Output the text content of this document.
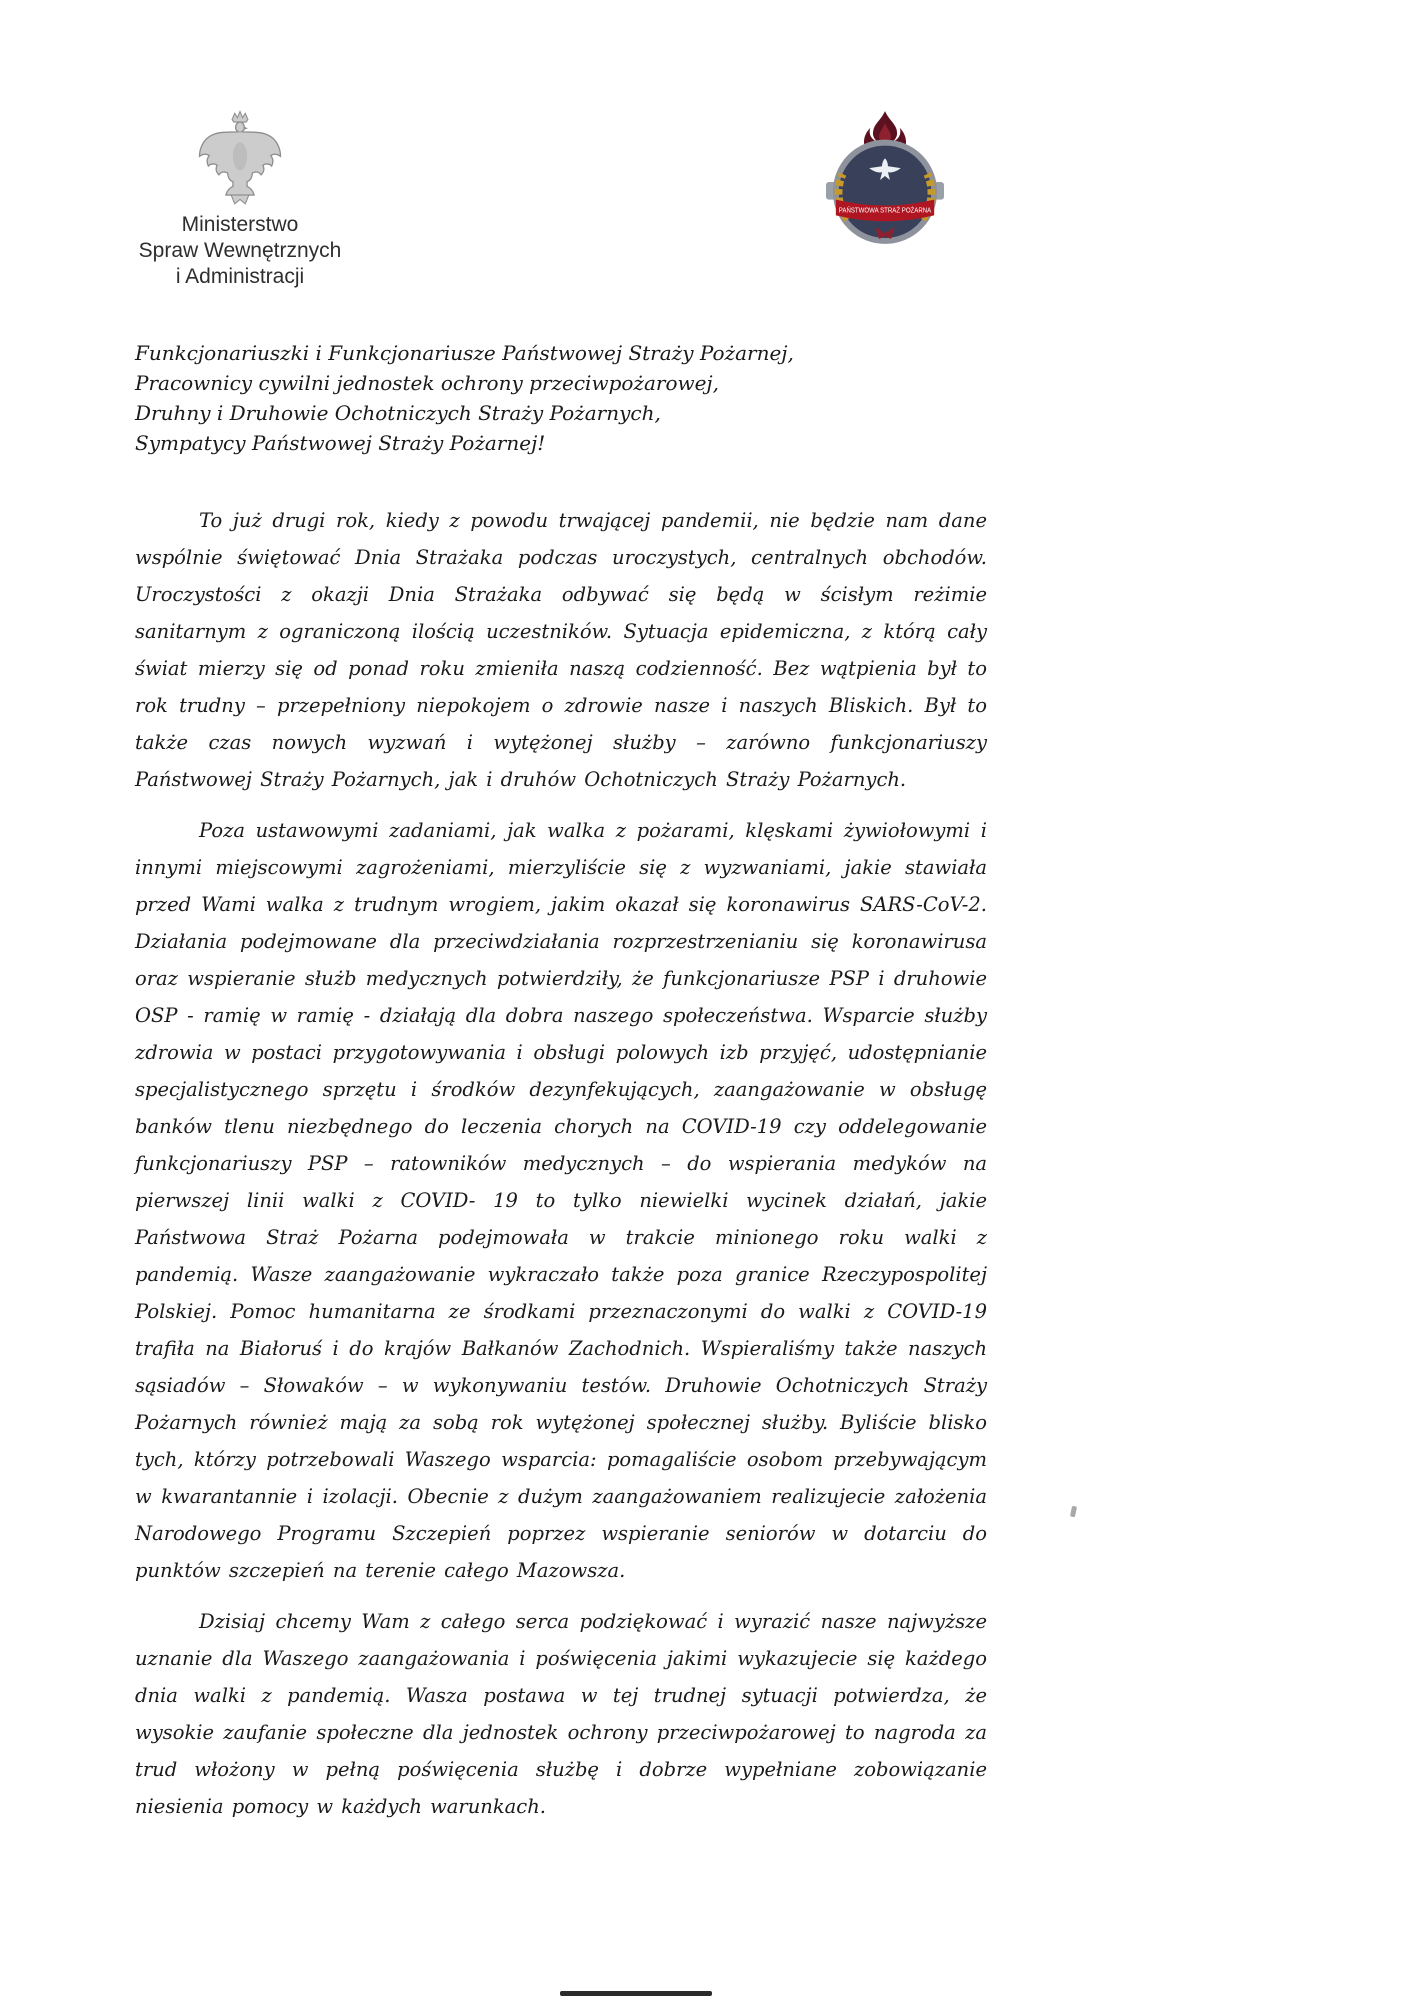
Ministerstwo
Spraw Wewnętrznych
i Administracji
PAŃSTWOWA STRAŻ POŻARNA
Funkcjonariuszki i Funkcjonariusze Państwowej Straży Pożarnej,
Pracownicy cywilni jednostek ochrony przeciwpożarowej,
Druhny i Druhowie Ochotniczych Straży Pożarnych,
Sympatycy Państwowej Straży Pożarnej!

To już drugi rok, kiedy z powodu trwającej pandemii, nie będzie nam dane wspólnie świętować Dnia Strażaka podczas uroczystych, centralnych obchodów. Uroczystości z okazji Dnia Strażaka odbywać się będą w ścisłym reżimie sanitarnym z ograniczoną ilością uczestników. Sytuacja epidemiczna, z którą cały świat mierzy się od ponad roku zmieniła naszą codzienność. Bez wątpienia był to rok trudny – przepełniony niepokojem o zdrowie nasze i naszych Bliskich. Był to także czas nowych wyzwań i wytężonej służby – zarówno funkcjonariuszy Państwowej Straży Pożarnych, jak i druhów Ochotniczych Straży Pożarnych.

Poza ustawowymi zadaniami, jak walka z pożarami, klęskami żywiołowymi i innymi miejscowymi zagrożeniami, mierzyliście się z wyzwaniami, jakie stawiała przed Wami walka z trudnym wrogiem, jakim okazał się koronawirus SARS-CoV-2. Działania podejmowane dla przeciwdziałania rozprzestrzenianiu się koronawirusa oraz wspieranie służb medycznych potwierdziły, że funkcjonariusze PSP i druhowie OSP - ramię w ramię - działają dla dobra naszego społeczeństwa. Wsparcie służby zdrowia w postaci przygotowywania i obsługi polowych izb przyjęć, udostępnianie specjalistycznego sprzętu i środków dezynfekujących, zaangażowanie w obsługę banków tlenu niezbędnego do leczenia chorych na COVID-19 czy oddelegowanie funkcjonariuszy PSP – ratowników medycznych – do wspierania medyków na pierwszej linii walki z COVID- 19 to tylko niewielki wycinek działań, jakie Państwowa Straż Pożarna podejmowała w trakcie minionego roku walki z pandemią. Wasze zaangażowanie wykraczało także poza granice Rzeczypospolitej Polskiej. Pomoc humanitarna ze środkami przeznaczonymi do walki z COVID-19 trafiła na Białoruś i do krajów Bałkanów Zachodnich. Wspieraliśmy także naszych sąsiadów – Słowaków – w wykonywaniu testów. Druhowie Ochotniczych Straży Pożarnych również mają za sobą rok wytężonej społecznej służby. Byliście blisko tych, którzy potrzebowali Waszego wsparcia: pomagaliście osobom przebywającym w kwarantannie i izolacji. Obecnie z dużym zaangażowaniem realizujecie założenia Narodowego Programu Szczepień poprzez wspieranie seniorów w dotarciu do punktów szczepień na terenie całego Mazowsza.

Dzisiaj chcemy Wam z całego serca podziękować i wyrazić nasze najwyższe uznanie dla Waszego zaangażowania i poświęcenia jakimi wykazujecie się każdego dnia walki z pandemią. Wasza postawa w tej trudnej sytuacji potwierdza, że wysokie zaufanie społeczne dla jednostek ochrony przeciwpożarowej to nagroda za trud włożony w pełną poświęcenia służbę i dobrze wypełniane zobowiązanie niesienia pomocy w każdych warunkach.
